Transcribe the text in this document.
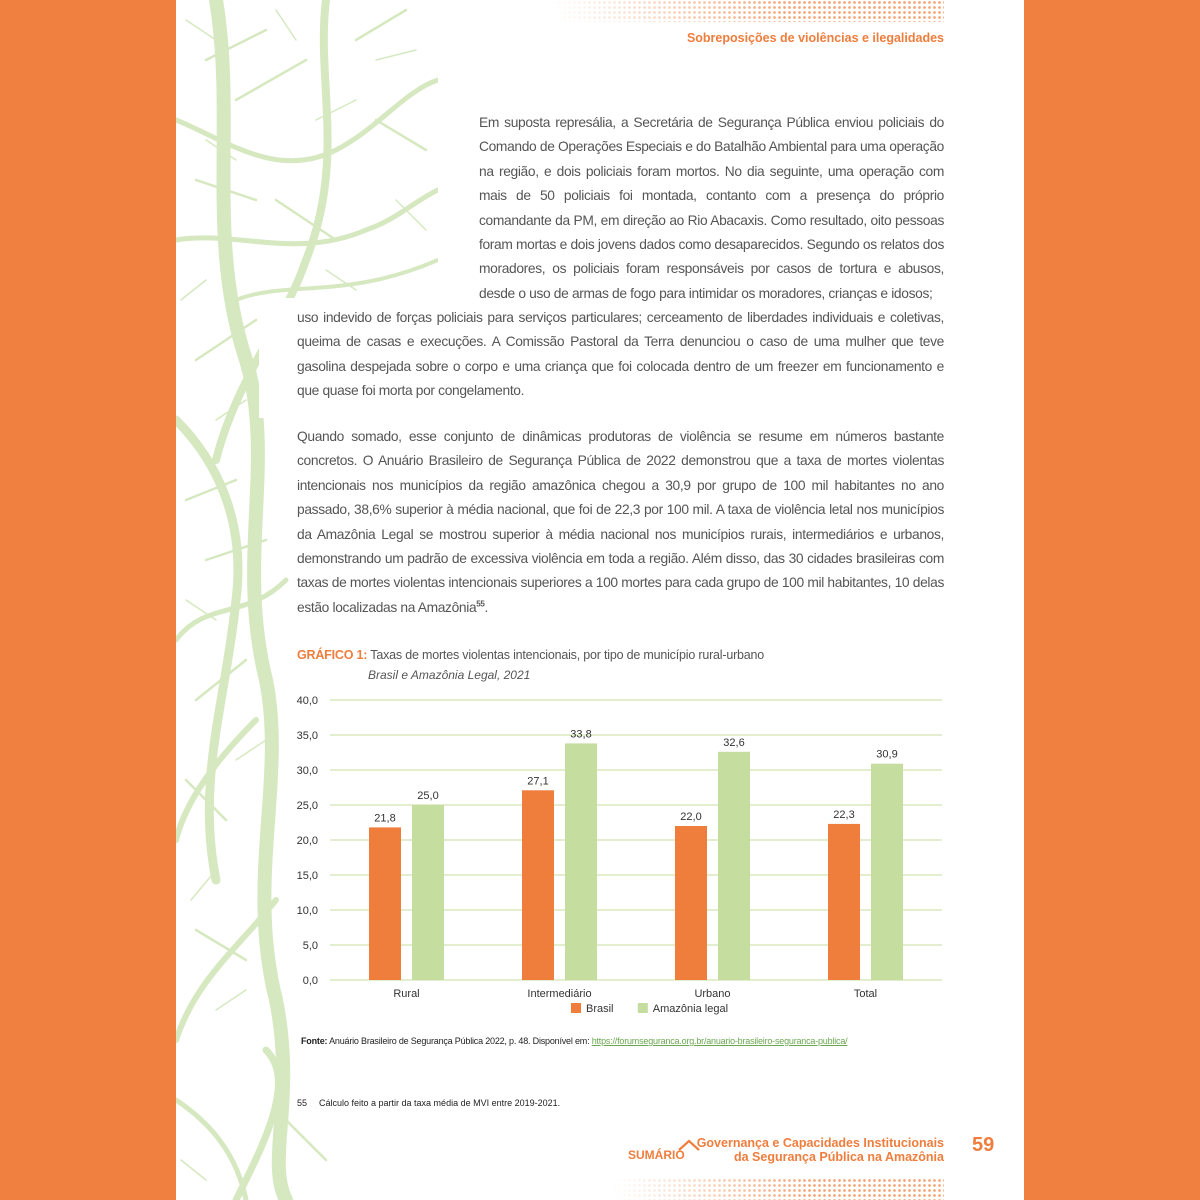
Sobreposições de violências e ilegalidades
Em suposta represália, a Secretária de Segurança Pública enviou policiais do Comando de Operações Especiais e do Batalhão Ambiental para uma operação na região, e dois policiais foram mortos. No dia seguinte, uma operação com mais de 50 policiais foi montada, contanto com a presença do próprio comandante da PM, em direção ao Rio Abacaxis. Como resultado, oito pessoas foram mortas e dois jovens dados como desaparecidos. Segundo os relatos dos moradores, os policiais foram responsáveis por casos de tortura e abusos, desde o uso de armas de fogo para intimidar os moradores, crianças e idosos;
uso indevido de forças policiais para serviços particulares; cerceamento de liberdades individuais e coletivas, queima de casas e execuções. A Comissão Pastoral da Terra denunciou o caso de uma mulher que teve gasolina despejada sobre o corpo e uma criança que foi colocada dentro de um freezer em funcionamento e que quase foi morta por congelamento.
Quando somado, esse conjunto de dinâmicas produtoras de violência se resume em números bastante concretos. O Anuário Brasileiro de Segurança Pública de 2022 demonstrou que a taxa de mortes violentas intencionais nos municípios da região amazônica chegou a 30,9 por grupo de 100 mil habitantes no ano passado, 38,6% superior à média nacional, que foi de 22,3 por 100 mil. A taxa de violência letal nos municípios da Amazônia Legal se mostrou superior à média nacional nos municípios rurais, intermediários e urbanos, demonstrando um padrão de excessiva violência em toda a região. Além disso, das 30 cidades brasileiras com taxas de mortes violentas intencionais superiores a 100 mortes para cada grupo de 100 mil habitantes, 10 delas estão localizadas na Amazônia$^{55}$.
GRÁFICO 1: Taxas de mortes violentas intencionais, por tipo de município rural-urbano
Brasil e Amazônia Legal, 2021
0,0
5,0
10,0
15,0
20,0
25,0
30,0
35,0
40,0
21,8
25,0
Rural
27,1
33,8
Intermediário
22,0
32,6
Urbano
22,3
30,9
Total
Brasil	Amazônia legal
Fonte: Anuário Brasileiro de Segurança Pública 2022, p. 48. Disponível em: https://forumseguranca.org.br/anuario-brasileiro-seguranca-publica/
55 Cálculo feito a partir da taxa média de MVI entre 2019-2021.
SUMÁRIO
Governança e Capacidades Institucionais
da Segurança Pública na Amazônia
59
